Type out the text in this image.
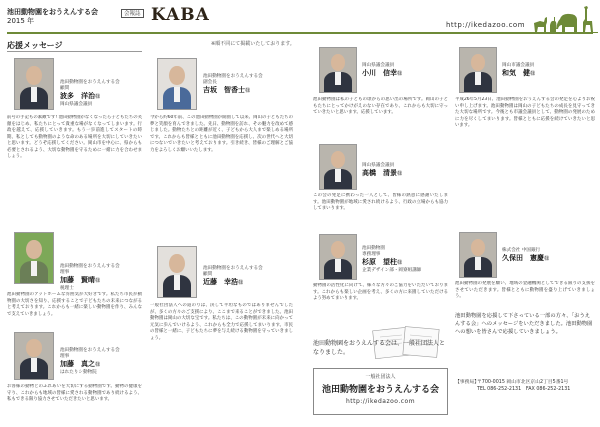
池田動物園をおうえんする会
2015 年
会報誌 KABA	http://ikedazoo.com
応援メッセージ	※順不同にて掲載いたしております。
池田動物園をおうえんする会
顧問
波多　洋治様
岡山県議会議員
前号の手記もの素敵です! 池田動物園がなくなったら子どもたちの笑顔をはじめ、私たちにとって貴重な場がなくなってしまいます。行政を越えて、応援していきます。もう一歩前進してスタートの時期、私としても動物園のような命のある場所を大切にしていきたいと思います。どうぞ応援してください。岡山市を中心に、県からも必要とされるよう、大切な動物園を守るために一緒に力を合わせましょう。
池田動物園をおうえんする会
理事
加藤　賢晴様
税理士
池田動物園のアットホームな雰囲気が大好きです。私たち市民が動物園の大切さを知り、応援することで子どもたちの未来につながると考えております。これからも一緒に楽しい動物園を作り、みんなで支えていきましょう。
池田動物園をおうえんする会
理事
加藤　真之様
はれたりシ動物院
お客様の動物とのふれあいを大切にする動物園です。動物の健康を守り、これからも地域の皆様に愛される動物園であり続けるよう、私もできる限り協力させていただきたいと思います。
池田動物園をおうえんする会
副会長
吉坂　智香士様
今から約60年前、この池田動物園が開園して以来、岡山の子どもたちの夢と笑顔を育んできました。先日、動物園を訪れ、その魅力を改めて感じました。動物たちとの距離が近く、子どもから大人まで楽しめる場所です。これからも皆様とともに池田動物園を応援し、次の世代へと大切につないでいきたいと考えております。引き続き、皆様のご理解とご協力をよろしくお願いいたします。
池田動物園をおうえんする会
顧問
近藤　幸浩様
一般社団法人への道のりは、決して平坦なものではありませんでしたが、多くの方々のご支援により、ここまで来ることができました。池田動物園は岡山の大切な宝です。私たちは、この動物園が未来に向かって元気に歩んでいけるよう、これからも全力で応援してまいります。市民の皆様と一緒に、子どもたちに夢を与え続ける動物園を守っていきましょう。
岡山県議会議員
小川　信幸様
池田動物園は私の子どもの頃からの思い出の場所です。岡山の子どもたちにとってかけがえのない存在であり、これからも大切に守っていきたいと思います。応援しています。
岡山県議会議員
高橋　清景様
この会の発足に携わった一人として、皆様の熱意に感謝いたします。池田動物園が地域に愛され続けるよう、行政の立場からも協力してまいります。
池田動物園
専務理事
杉原　望柱様
企業デザイン部・岡寮組講師
動物園の活性化に向けて、様々な方々のご協力をいただいております。これからも楽しい企画を考え、多くの方に来園していただけるよう努めてまいります。
池田動物園をおうえんする会は、一般社団法人となりました。
一般社団法人
池田動物園をおうえんする会
http://ikedazoo.com
岡山市議会議員
和気　健様
平成26年5月23日、池田動物園をおうえんする会の発足を心よりお祝い申し上げます。池田動物園は岡山の子どもたちの成長を見守ってきた大切な場所です。今後とも市議会議員として、動物園の発展のために力を尽くしてまいります。皆様とともに応援を続けていきたいと思います。
株式会社 中国銀行
久保田　憲慶様
池田動物園の発展を願い、地域の金融機関としてできる限りの支援をさせていただきます。皆様とともに動物園を盛り上げていきましょう。
池田動物園を応援して下さっている一部の方々、「おうえんする会」へのメッセージをいただきました。池田動物園への想いを皆さんで応援していきましょう。
【事務局】
〒700-0015 岡山市北区京山2丁目5番1号
TEL 086-252-2131　FAX 086-252-2131
